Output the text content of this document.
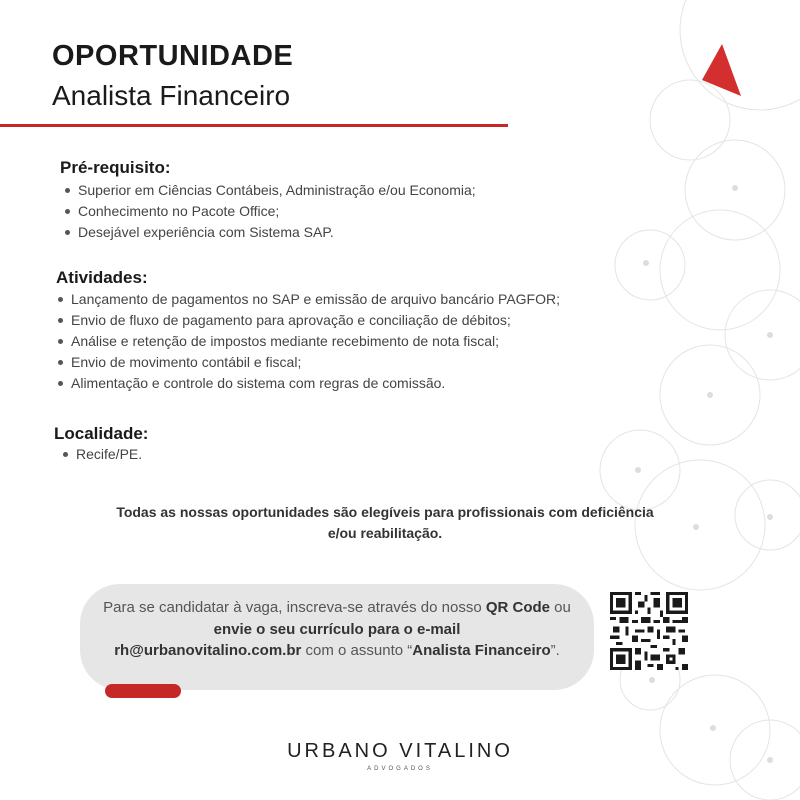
OPORTUNIDADE
Analista Financeiro
Pré-requisito:
Superior em Ciências Contábeis, Administração e/ou Economia;
Conhecimento no Pacote Office;
Desejável experiência com Sistema SAP.
Atividades:
Lançamento de pagamentos no SAP e emissão de arquivo bancário PAGFOR;
Envio de fluxo de pagamento para aprovação e conciliação de débitos;
Análise e retenção de impostos mediante recebimento de nota fiscal;
Envio de movimento contábil e fiscal;
Alimentação e controle do sistema com regras de comissão.
Localidade:
Recife/PE.
Todas as nossas oportunidades são elegíveis para profissionais com deficiência
e/ou reabilitação.
Para se candidatar à vaga, inscreva-se através do nosso QR Code ou envie o seu currículo para o e-mail
rh@urbanovitalino.com.br com o assunto “Analista Financeiro”.
URBANO VITALINO
ADVOGADOS
